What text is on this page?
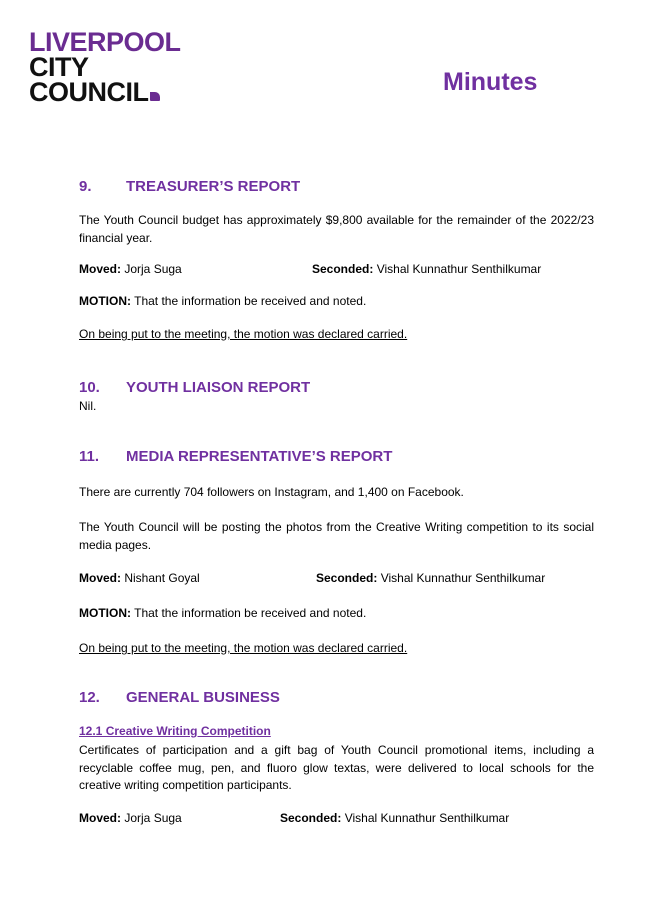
LIVERPOOL
CITY
COUNCIL	Minutes
9. TREASURER’S REPORT
The Youth Council budget has approximately $9,800 available for the remainder of the 2022/23 financial year.
Moved: Jorja Suga	Seconded: Vishal Kunnathur Senthilkumar
MOTION: That the information be received and noted.
On being put to the meeting, the motion was declared carried.
10. YOUTH LIAISON REPORT
Nil.
11. MEDIA REPRESENTATIVE’S REPORT
There are currently 704 followers on Instagram, and 1,400 on Facebook.
The Youth Council will be posting the photos from the Creative Writing competition to its social media pages.
Moved: Nishant Goyal	Seconded: Vishal Kunnathur Senthilkumar
MOTION: That the information be received and noted.
On being put to the meeting, the motion was declared carried.
12. GENERAL BUSINESS
12.1 Creative Writing Competition
Certificates of participation and a gift bag of Youth Council promotional items, including a recyclable coffee mug, pen, and fluoro glow textas, were delivered to local schools for the creative writing competition participants.
Moved: Jorja Suga	Seconded: Vishal Kunnathur Senthilkumar
